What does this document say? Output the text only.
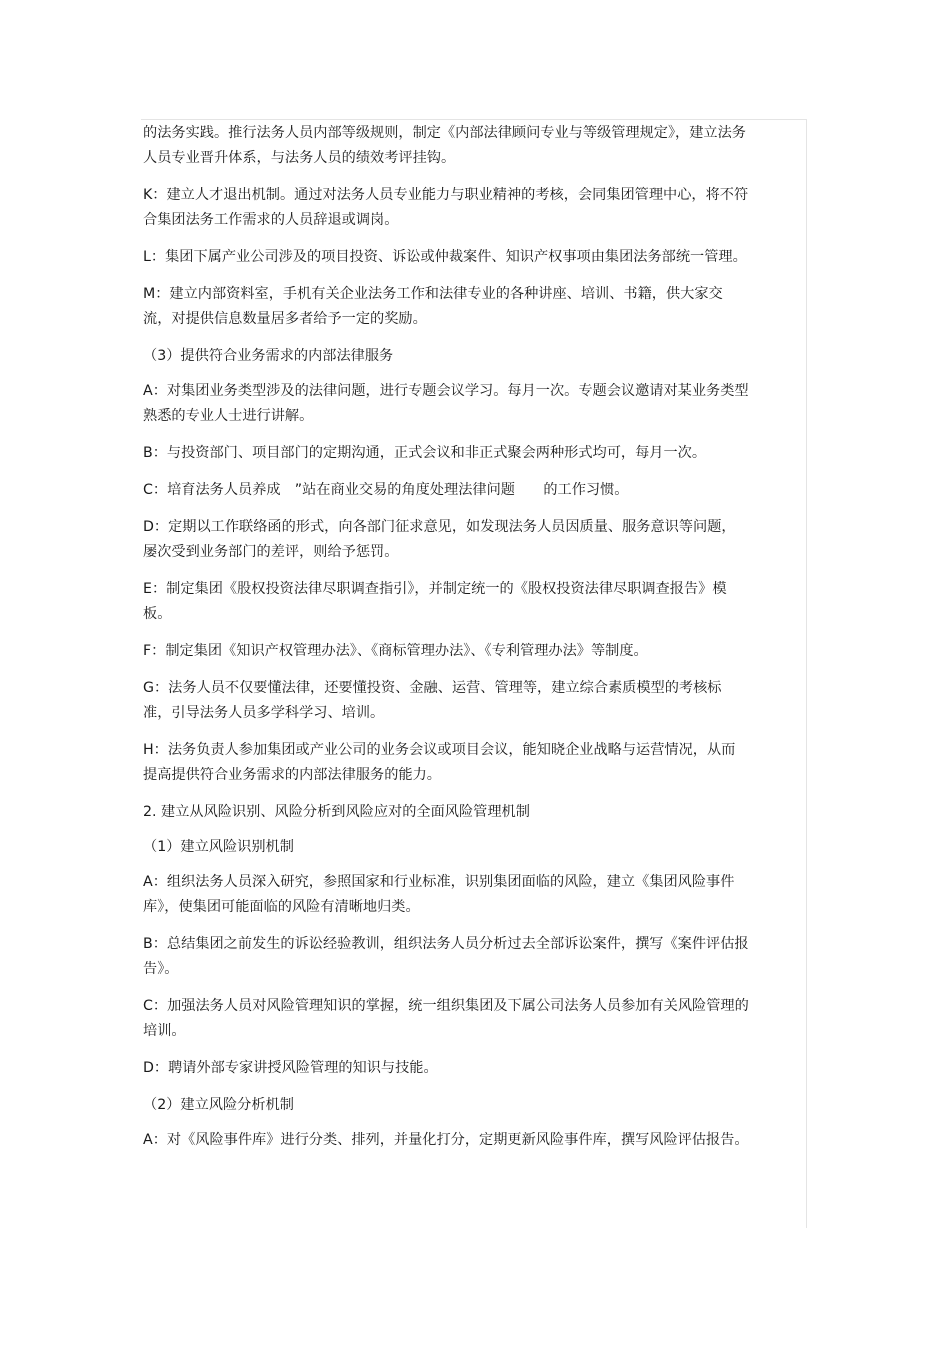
的法务实践。推行法务人员内部等级规则，制定《内部法律顾问专业与等级管理规定》，建立法务人员专业晋升体系，与法务人员的绩效考评挂钩。

K：建立人才退出机制。通过对法务人员专业能力与职业精神的考核，会同集团管理中心，将不符合集团法务工作需求的人员辞退或调岗。

L：集团下属产业公司涉及的项目投资、诉讼或仲裁案件、知识产权事项由集团法务部统一管理。

M：建立内部资料室，手机有关企业法务工作和法律专业的各种讲座、培训、书籍，供大家交流，对提供信息数量居多者给予一定的奖励。

（3）提供符合业务需求的内部法律服务

A：对集团业务类型涉及的法律问题，进行专题会议学习。每月一次。专题会议邀请对某业务类型熟悉的专业人士进行讲解。

B：与投资部门、项目部门的定期沟通，正式会议和非正式聚会两种形式均可，每月一次。

C：培育法务人员养成　”站在商业交易的角度处理法律问题　　的工作习惯。

D：定期以工作联络函的形式，向各部门征求意见，如发现法务人员因质量、服务意识等问题，屡次受到业务部门的差评，则给予惩罚。

E：制定集团《股权投资法律尽职调查指引》，并制定统一的《股权投资法律尽职调查报告》模板。

F：制定集团《知识产权管理办法》、《商标管理办法》、《专利管理办法》等制度。

G：法务人员不仅要懂法律，还要懂投资、金融、运营、管理等，建立综合素质模型的考核标准，引导法务人员多学科学习、培训。

H：法务负责人参加集团或产业公司的业务会议或项目会议，能知晓企业战略与运营情况，从而提高提供符合业务需求的内部法律服务的能力。

2. 建立从风险识别、风险分析到风险应对的全面风险管理机制

（1）建立风险识别机制

A：组织法务人员深入研究，参照国家和行业标准，识别集团面临的风险，建立《集团风险事件库》，使集团可能面临的风险有清晰地归类。

B：总结集团之前发生的诉讼经验教训，组织法务人员分析过去全部诉讼案件，撰写《案件评估报告》。

C：加强法务人员对风险管理知识的掌握，统一组织集团及下属公司法务人员参加有关风险管理的培训。

D：聘请外部专家讲授风险管理的知识与技能。

（2）建立风险分析机制

A：对《风险事件库》进行分类、排列，并量化打分，定期更新风险事件库，撰写风险评估报告。
